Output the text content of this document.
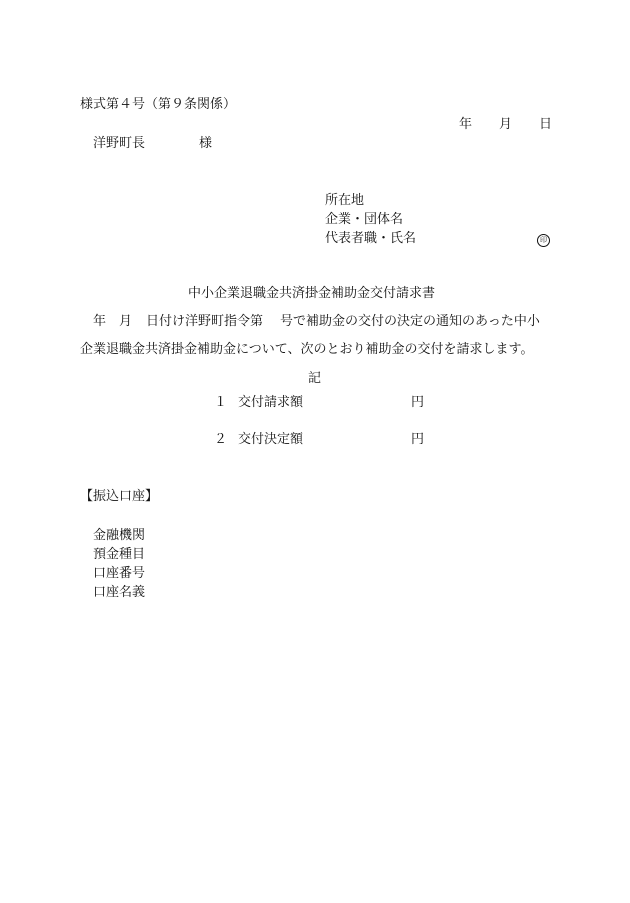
様式第４号（第９条関係）
年 月 日
洋野町長	様
所在地
企業・団体名
代表者職・氏名	印
中小企業退職金共済掛金補助金交付請求書
年 月 日付け洋野町指令第 号で補助金の交付の決定の通知のあった中小
企業退職金共済掛金補助金について、次のとおり補助金の交付を請求します。
記
１ 交付請求額	円
２ 交付決定額	円
【振込口座】
金融機関
預金種目
口座番号
口座名義
